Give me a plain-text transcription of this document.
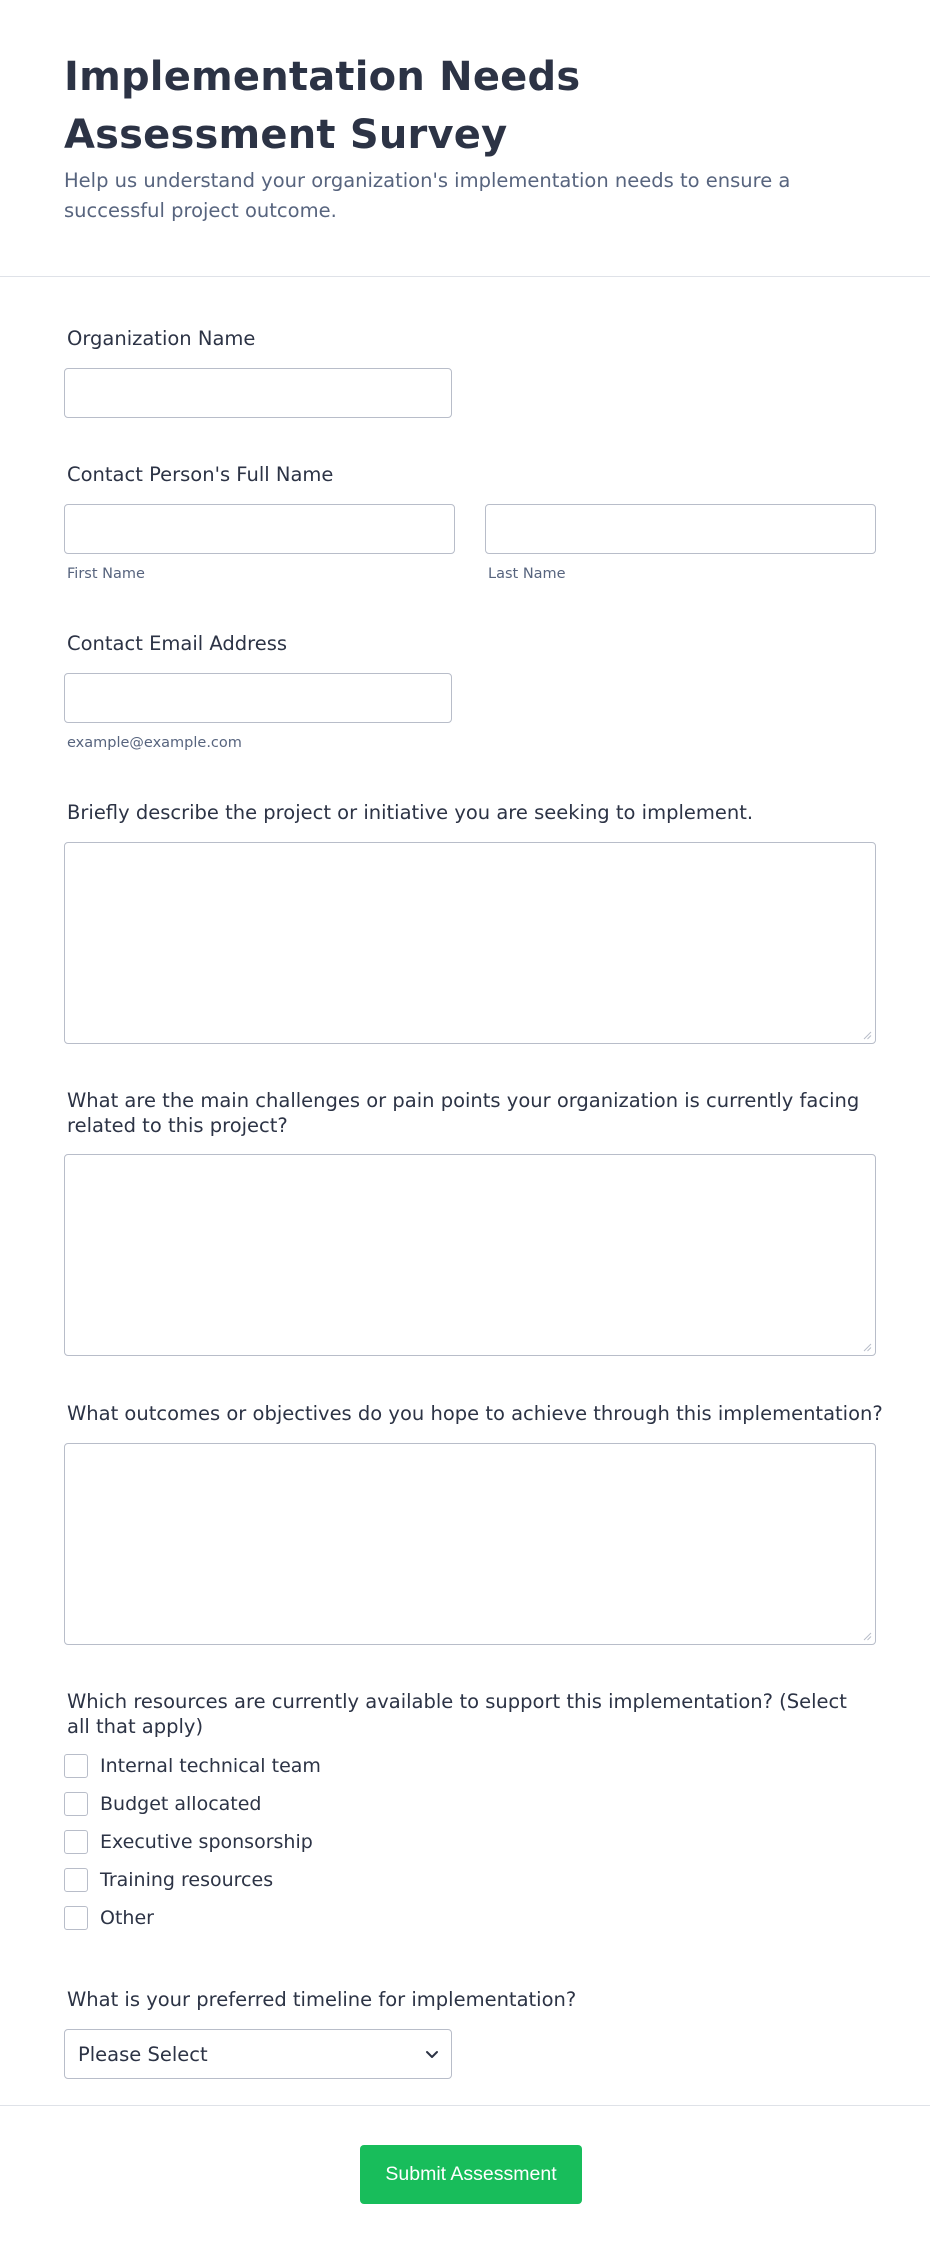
Implementation Needs Assessment Survey

Help us understand your organization's implementation needs to ensure a successful project outcome.

Organization Name
Contact Person's Full Name
First Name	Last Name
Contact Email Address
example@example.com
Briefly describe the project or initiative you are seeking to implement.
What are the main challenges or pain points your organization is currently facing related to this project?
What outcomes or objectives do you hope to achieve through this implementation?
Which resources are currently available to support this implementation? (Select all that apply)
Internal technical team
Budget allocated
Executive sponsorship
Training resources
Other
What is your preferred timeline for implementation?
Please Select
Submit Assessment
